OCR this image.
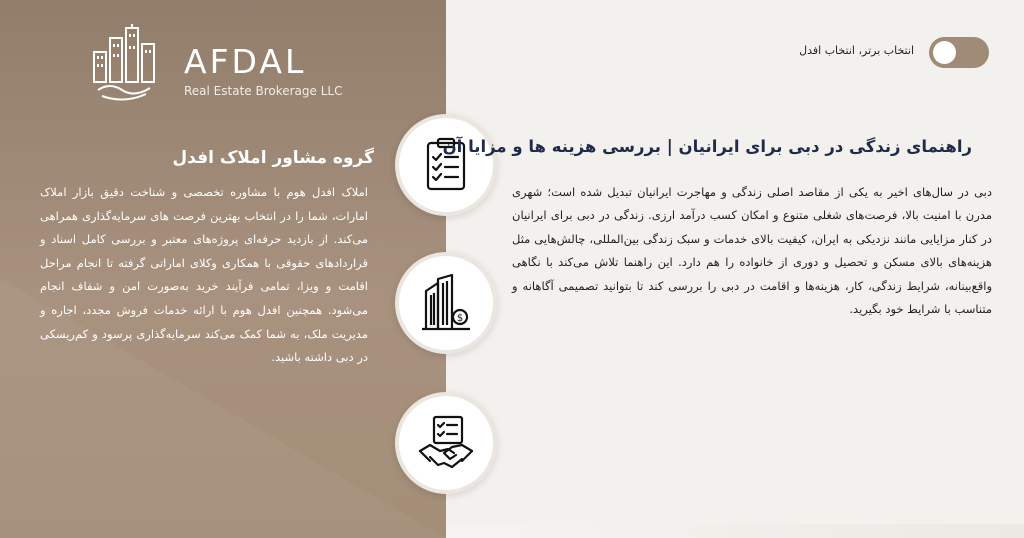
AFDAL
Real Estate Brokerage LLC
گروه مشاور املاک افدل
املاک افدل هوم با مشاوره تخصصی و شناخت دقیق بازار املاک امارات، شما را در انتخاب بهترین فرصت های سرمایه‌گذاری همراهی می‌کند. از بازدید حرفه‌ای پروژه‌های معتبر و بررسی کامل اسناد و قراردادهای حقوقی با همکاری وکلای اماراتی گرفته تا انجام مراحل اقامت و ویزا، تمامی فرآیند خرید به‌صورت امن و شفاف انجام می‌شود. همچنین افدل هوم با ارائه خدمات فروش مجدد، اجاره و مدیریت ملک، به شما کمک می‌کند سرمایه‌گذاری پرسود و کم‌ریسکی در دبی داشته باشید.
$
انتخاب برتر، انتخاب افدل
راهنمای زندگی در دبی برای ایرانیان | بررسی هزینه ها و مزایا آن
دبی در سال‌های اخیر به یکی از مقاصد اصلی زندگی و مهاجرت ایرانیان تبدیل شده است؛ شهری مدرن با امنیت بالا، فرصت‌های شغلی متنوع و امکان کسب درآمد ارزی. زندگی در دبی برای ایرانیان در کنار مزایایی مانند نزدیکی به ایران، کیفیت بالای خدمات و سبک زندگی بین‌المللی، چالش‌هایی مثل هزینه‌های بالای مسکن و تحصیل و دوری از خانواده را هم دارد. این راهنما تلاش می‌کند با نگاهی واقع‌بینانه، شرایط زندگی، کار، هزینه‌ها و اقامت در دبی را بررسی کند تا بتوانید تصمیمی آگاهانه و متناسب با شرایط خود بگیرید.
